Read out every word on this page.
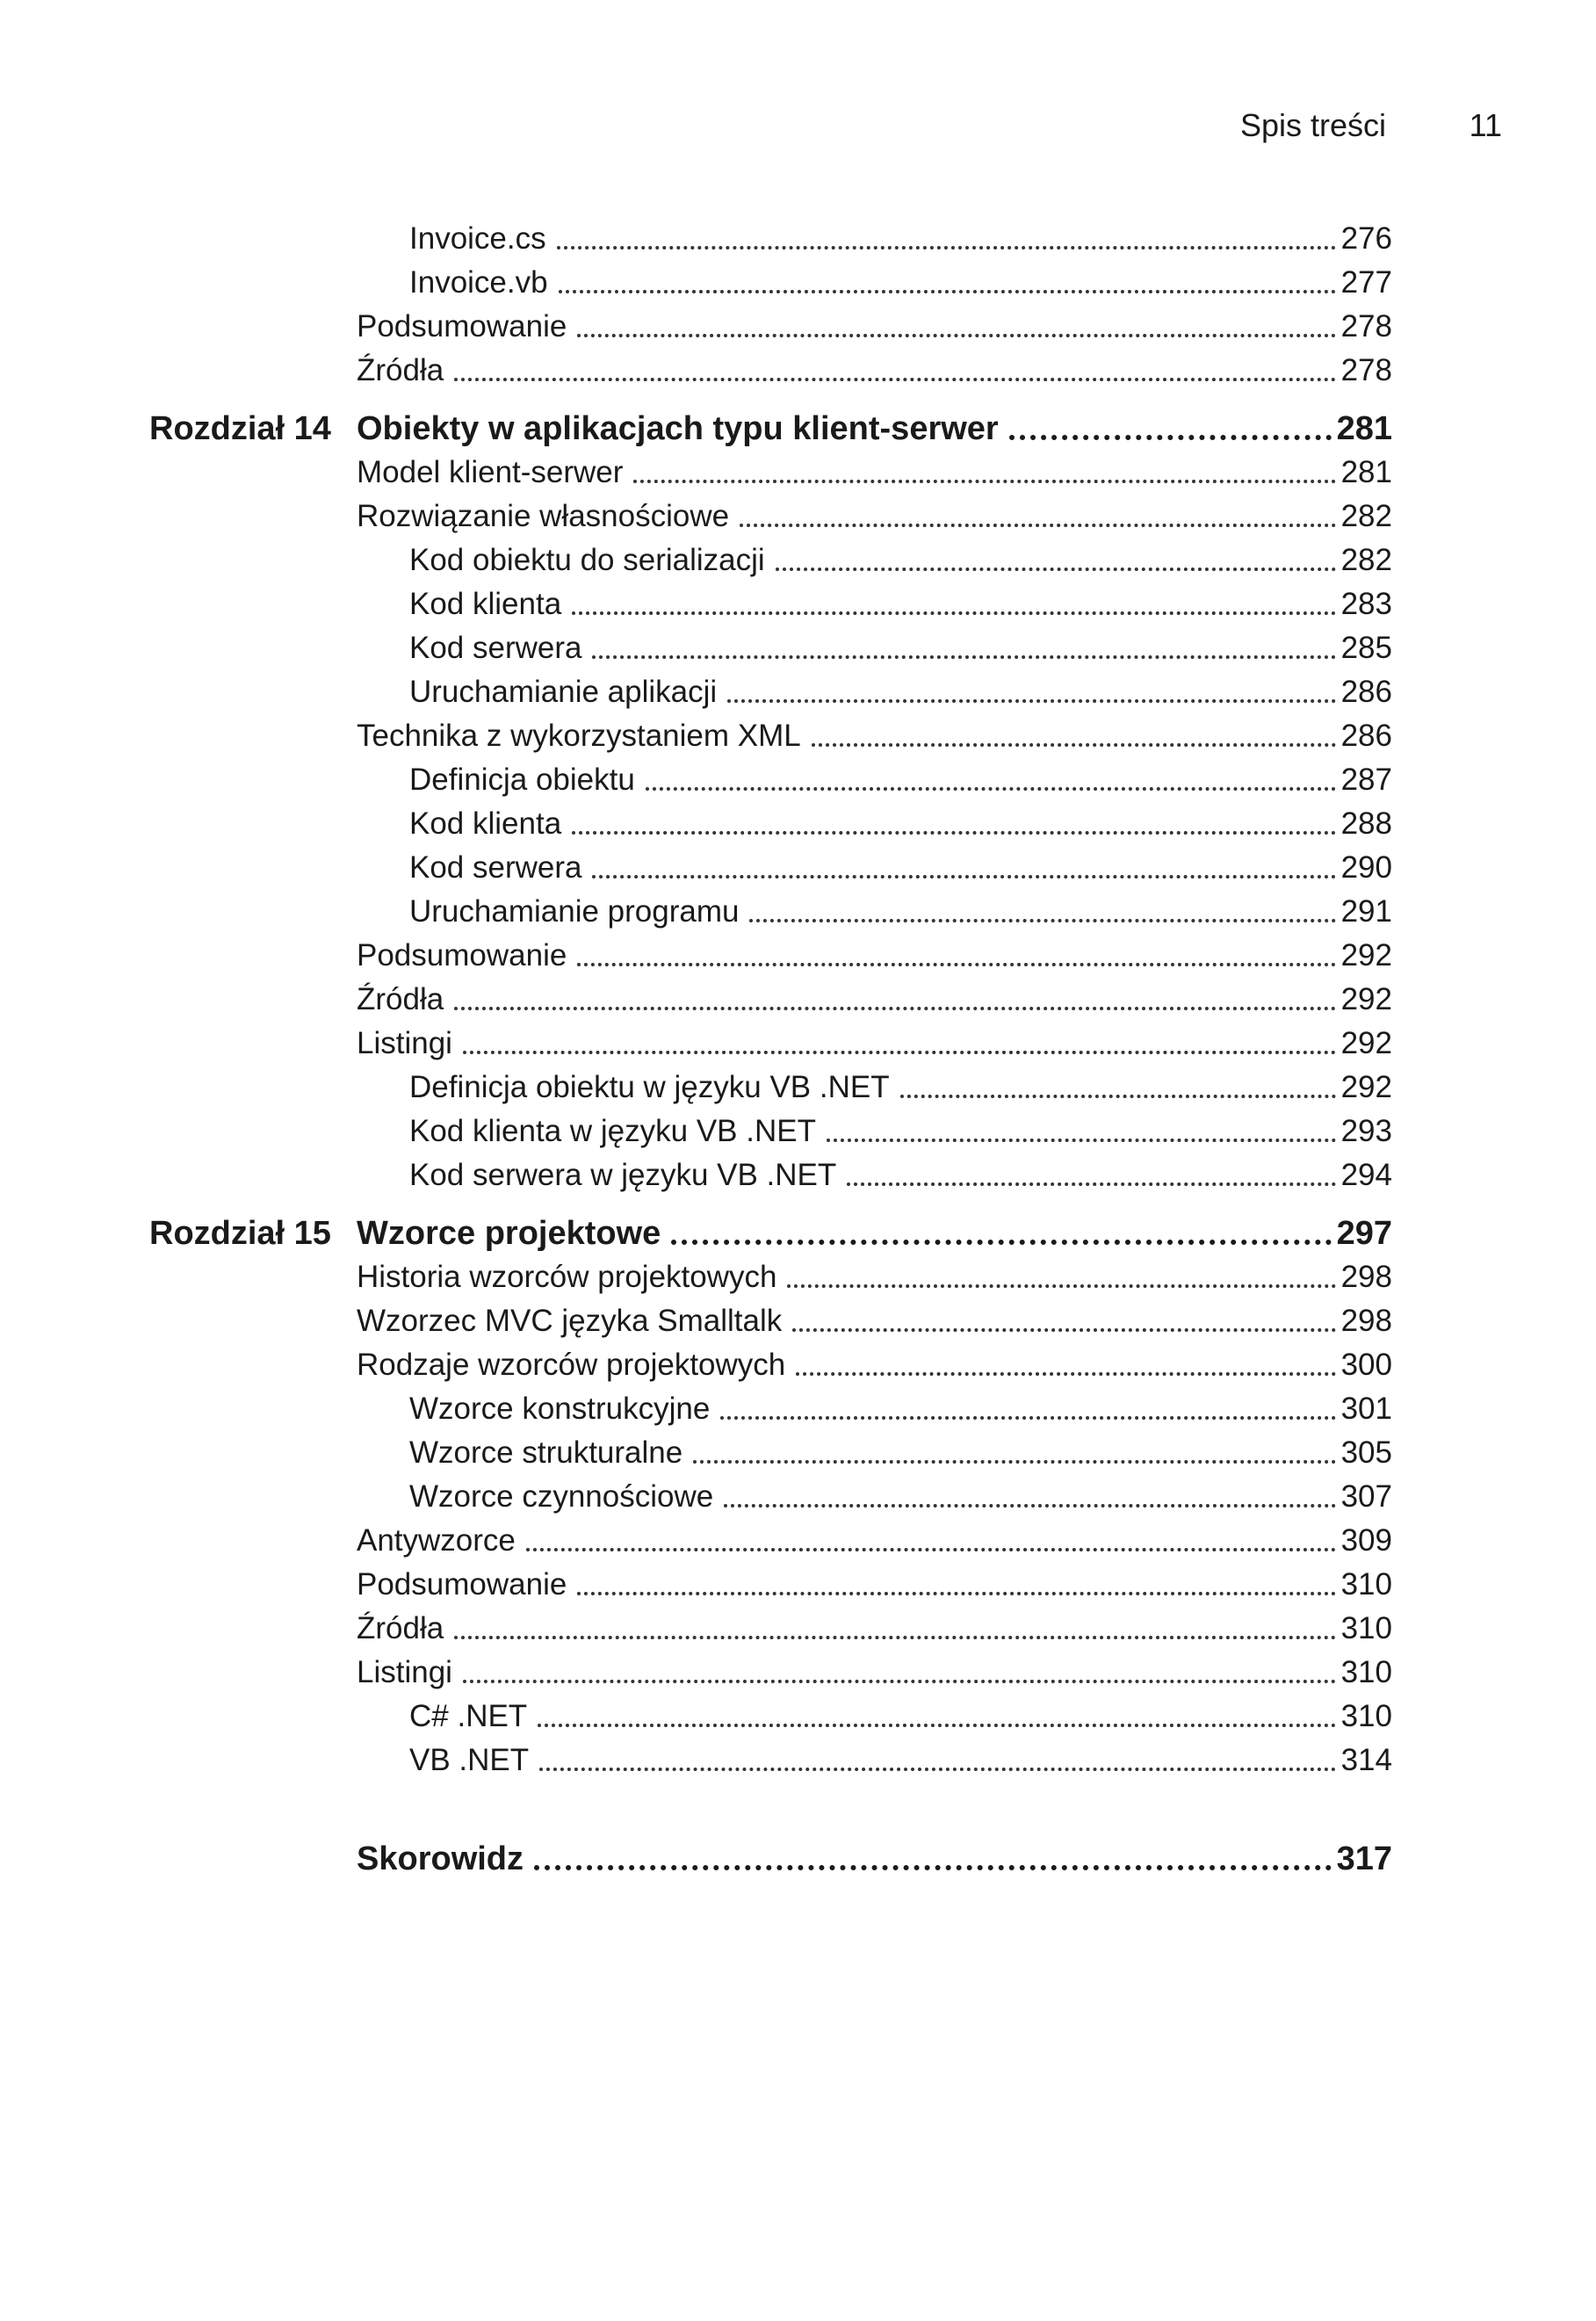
Spis treści	11
Invoice.cs	276
Invoice.vb	277
Podsumowanie	278
Źródła	278
Rozdział 14 Obiekty w aplikacjach typu klient-serwer	281
Model klient-serwer	281
Rozwiązanie własnościowe	282
Kod obiektu do serializacji	282
Kod klienta	283
Kod serwera	285
Uruchamianie aplikacji	286
Technika z wykorzystaniem XML	286
Definicja obiektu	287
Kod klienta	288
Kod serwera	290
Uruchamianie programu	291
Podsumowanie	292
Źródła	292
Listingi	292
Definicja obiektu w języku VB .NET	292
Kod klienta w języku VB .NET	293
Kod serwera w języku VB .NET	294
Rozdział 15 Wzorce projektowe	297
Historia wzorców projektowych	298
Wzorzec MVC języka Smalltalk	298
Rodzaje wzorców projektowych	300
Wzorce konstrukcyjne	301
Wzorce strukturalne	305
Wzorce czynnościowe	307
Antywzorce	309
Podsumowanie	310
Źródła	310
Listingi	310
C# .NET	310
VB .NET	314
Skorowidz	317
